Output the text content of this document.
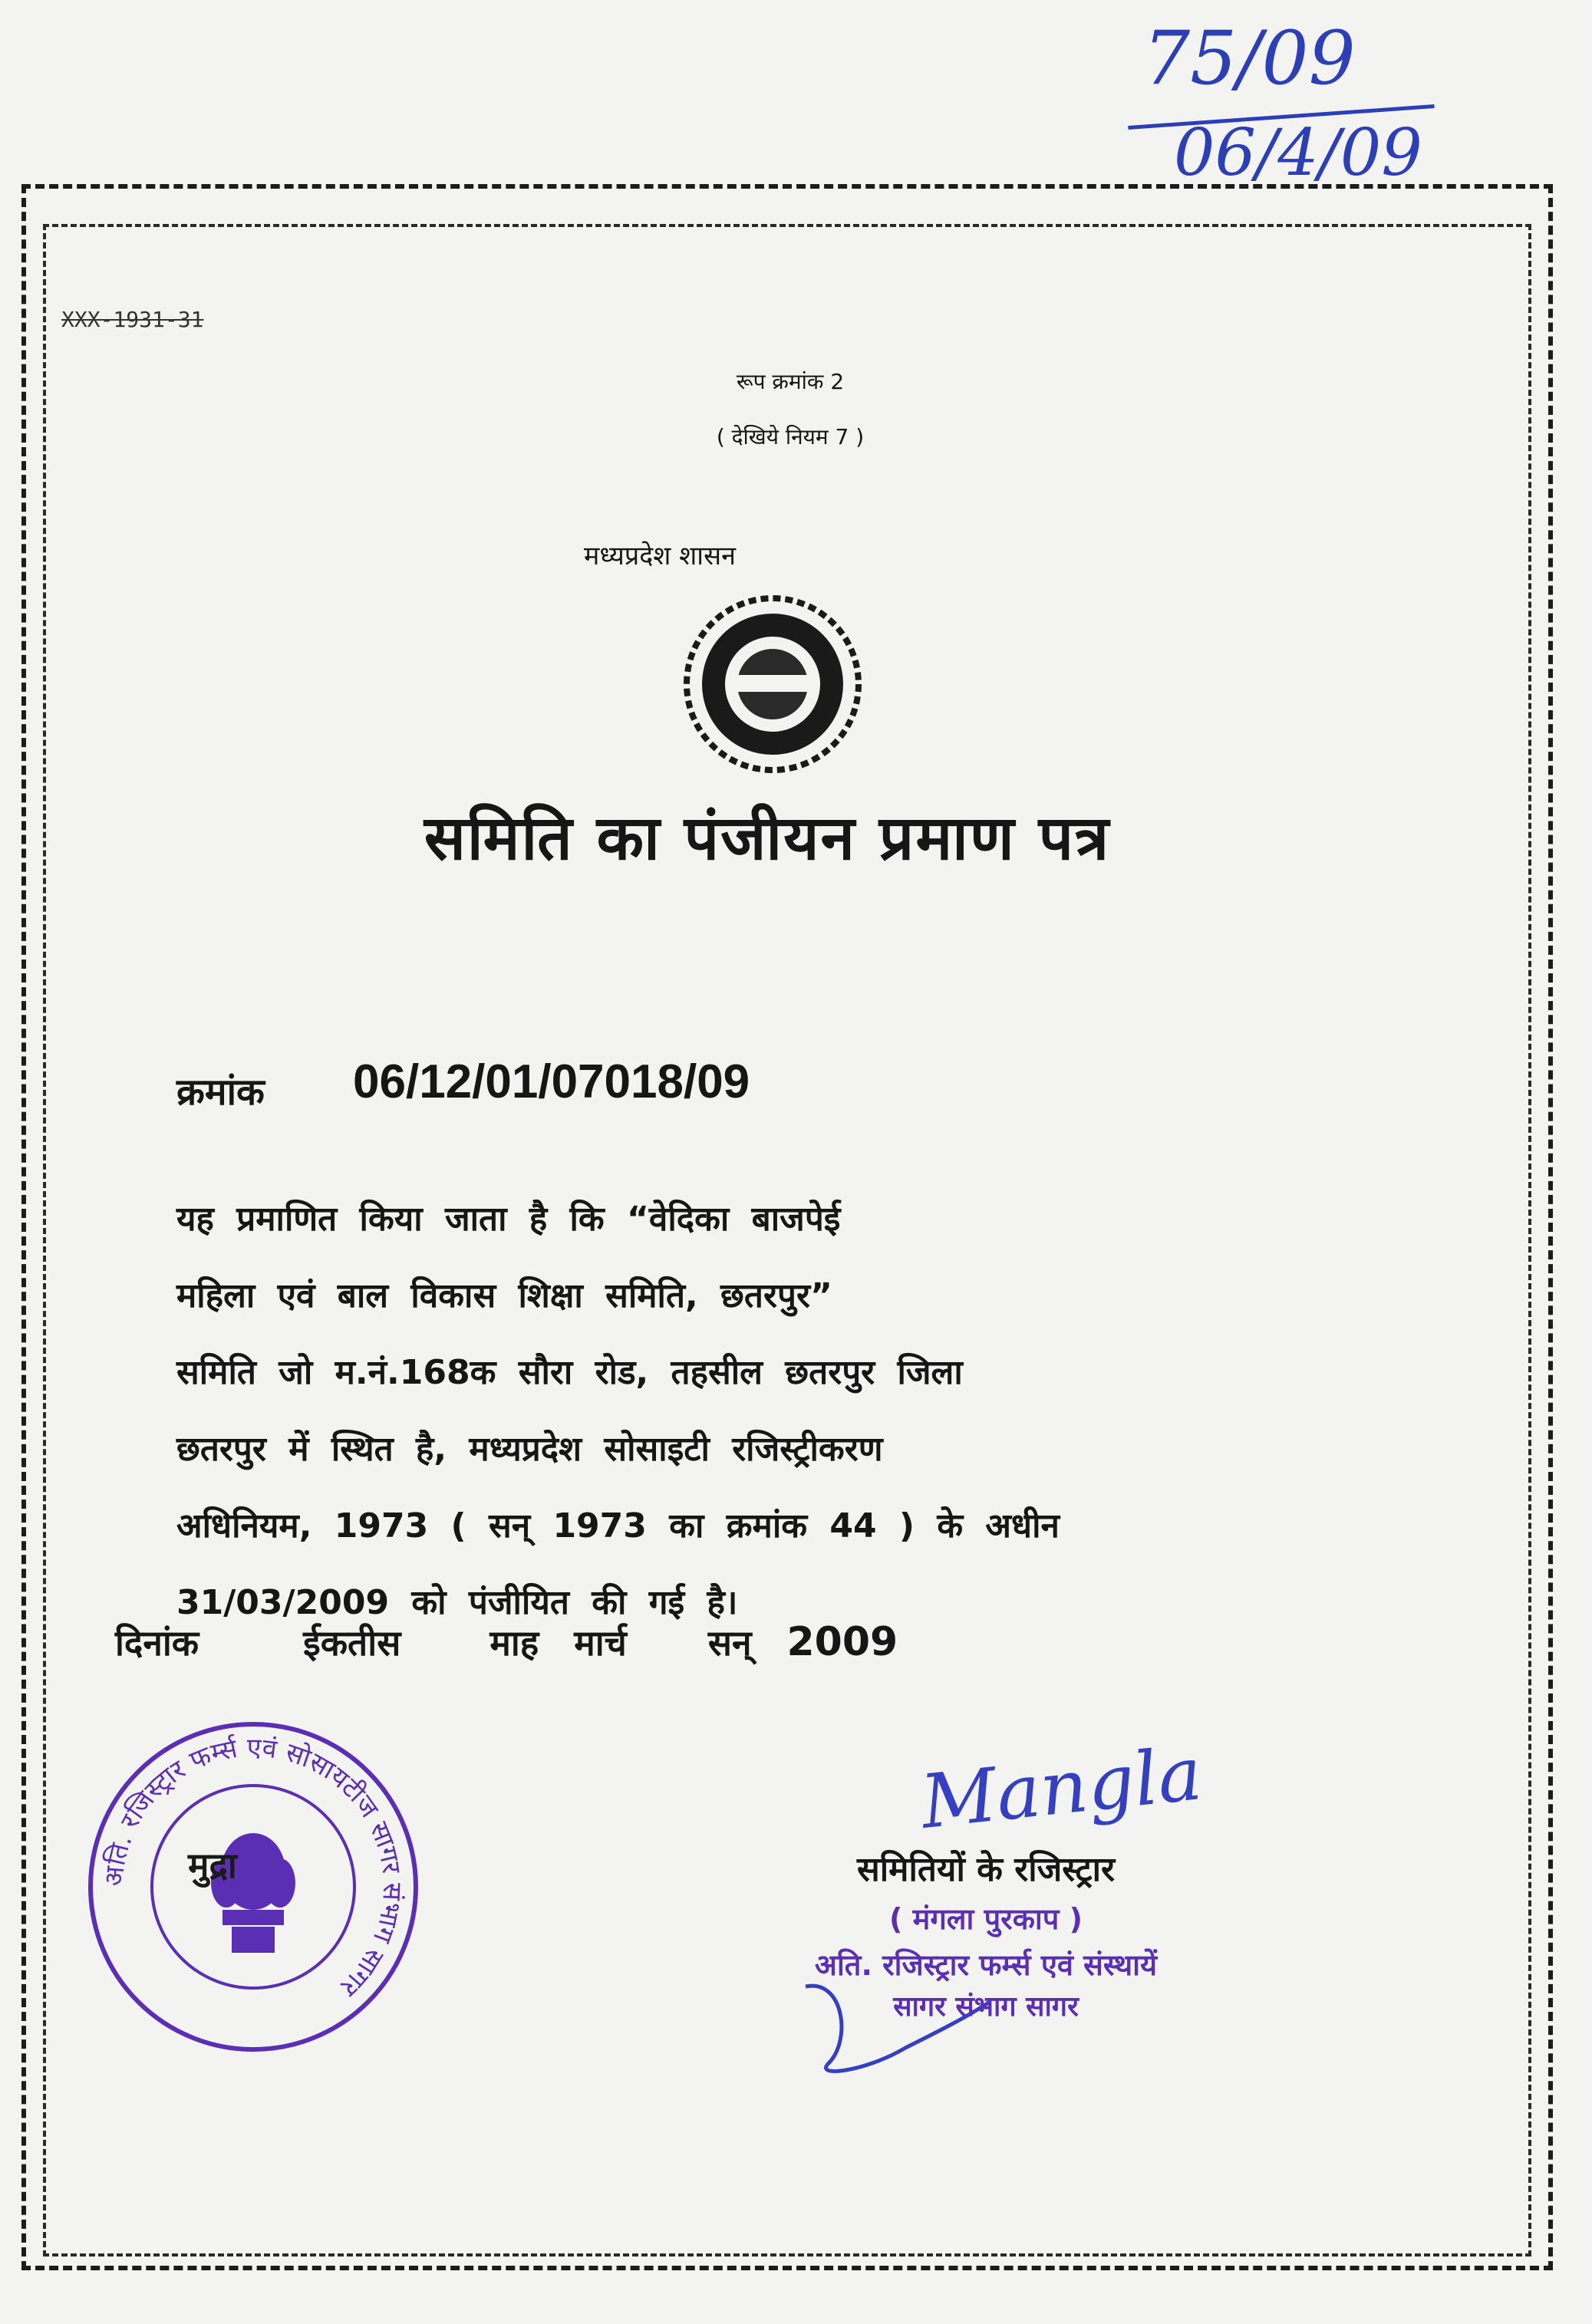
75/09
06/4/09
XXX-1931-31
रूप क्रमांक 2
( देखिये नियम 7 )
मध्यप्रदेश शासन
समिति का पंजीयन प्रमाण पत्र
क्रमांक 06/12/01/07018/09
यह प्रमाणित किया जाता है कि “वेदिका बाजपेई
महिला एवं बाल विकास शिक्षा समिति, छतरपुर”
समिति जो म.नं.168क सौरा रोड, तहसील छतरपुर जिला
छतरपुर में स्थित है, मध्यप्रदेश सोसाइटी रजिस्ट्रीकरण
अधिनियम, 1973 ( सन् 1973 का क्रमांक 44 ) के अधीन
31/03/2009 को पंजीयित की गई है।
दिनांक	ईकतीस	माह मार्च सन् 2009
अति. रजिस्ट्रार फर्म्स एवं सोसायटीज सागर संभाग सागर
मुद्रा
Mangla
समितियों के रजिस्ट्रार
( मंगला पुरकाप )
अति. रजिस्ट्रार फर्म्स एवं संस्थायें
सागर संभाग सागर
